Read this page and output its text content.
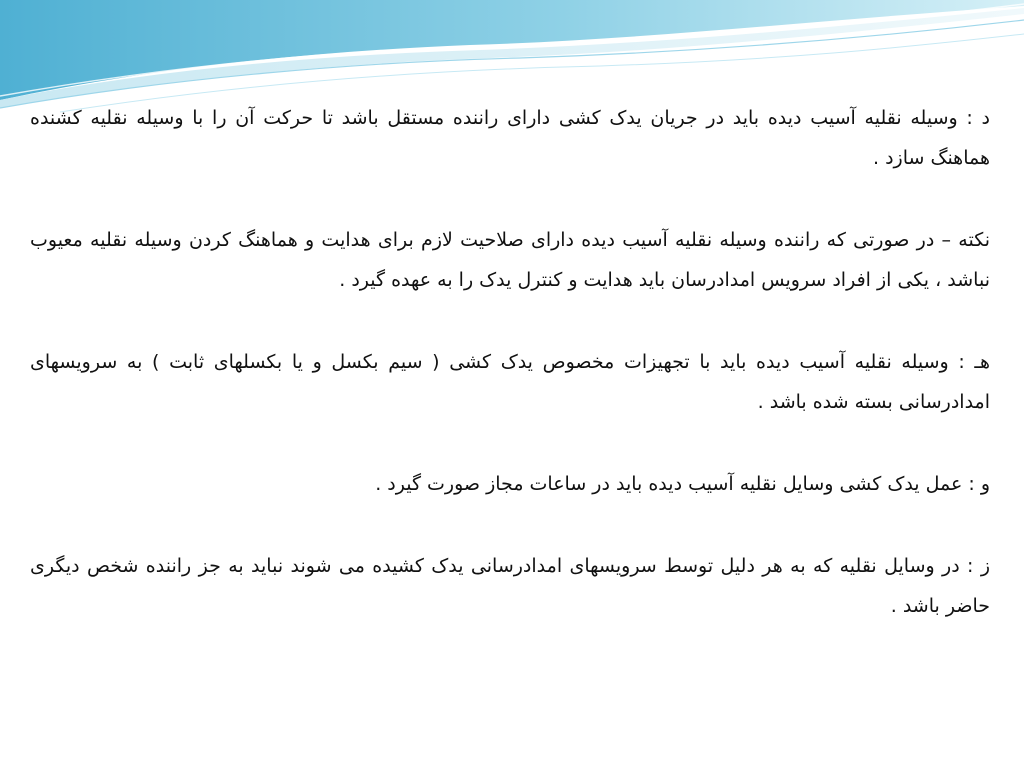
د : وسیله نقلیه آسیب دیده باید در جریان یدک کشی دارای راننده مستقل باشد تا حرکت آن را با وسیله نقلیه کشنده هماهنگ سازد .

نکته – در صورتی که راننده وسیله نقلیه آسیب دیده دارای صلاحیت لازم برای هدایت و هماهنگ کردن وسیله نقلیه معیوب نباشد ، یکی از افراد سرویس امدادرسان باید هدایت و کنترل یدک را به عهده گیرد .

هـ : وسیله نقلیه آسیب دیده باید با تجهیزات مخصوص یدک کشی ( سیم بکسل و یا بکسلهای ثابت ) به سرویسهای امدادرسانی بسته شده باشد .

و : عمل یدک کشی وسایل نقلیه آسیب دیده باید در ساعات مجاز صورت گیرد .

ز : در وسایل نقلیه که به هر دلیل توسط سرویسهای امدادرسانی یدک کشیده می شوند نباید به جز راننده شخص دیگری حاضر باشد .
